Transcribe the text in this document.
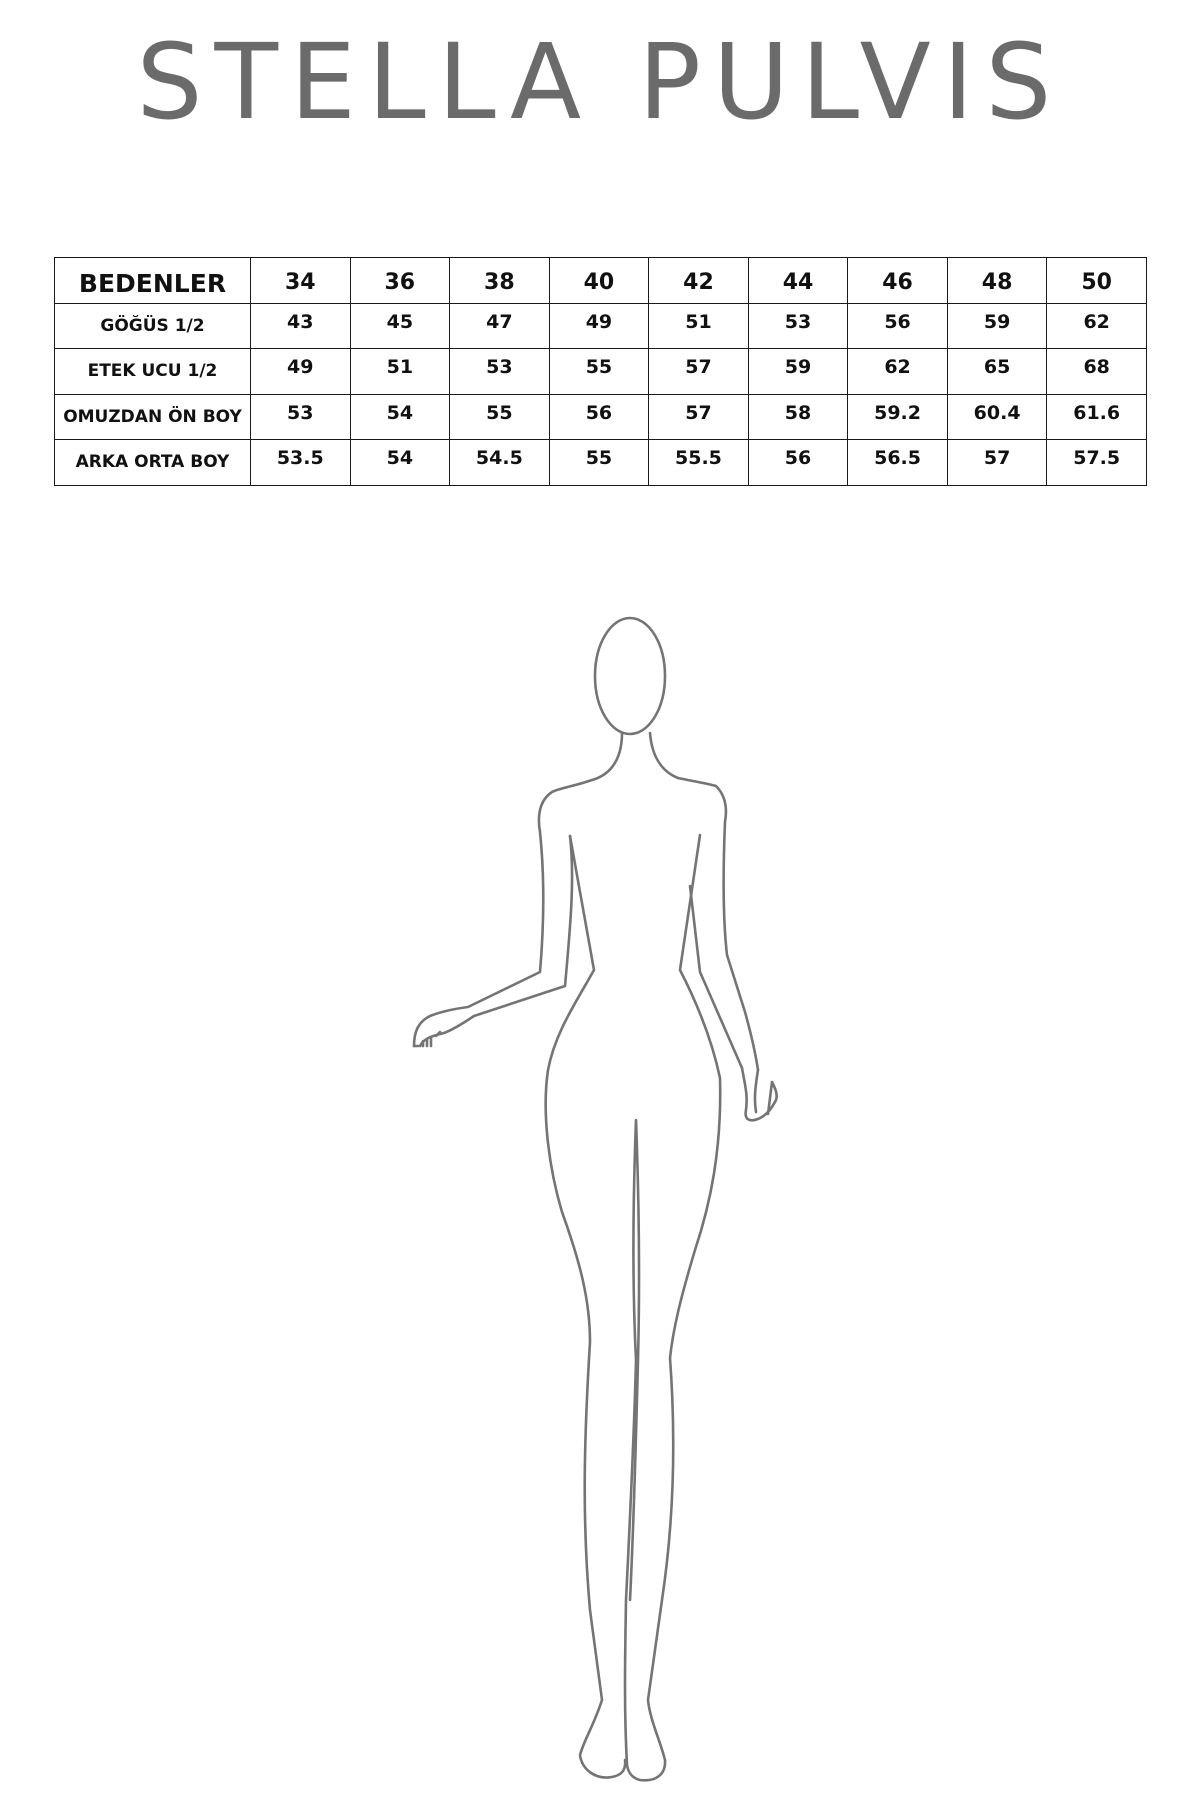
STELLA PULVIS
BEDENLER	34	36	38	40	42	44	46	48	50
GÖĞÜS 1/2	43	45	47	49	51	53	56	59	62
ETEK UCU 1/2	49	51	53	55	57	59	62	65	68
OMUZDAN ÖN BOY	53	54	55	56	57	58	59.2	60.4	61.6
ARKA ORTA BOY	53.5	54	54.5	55	55.5	56	56.5	57	57.5
